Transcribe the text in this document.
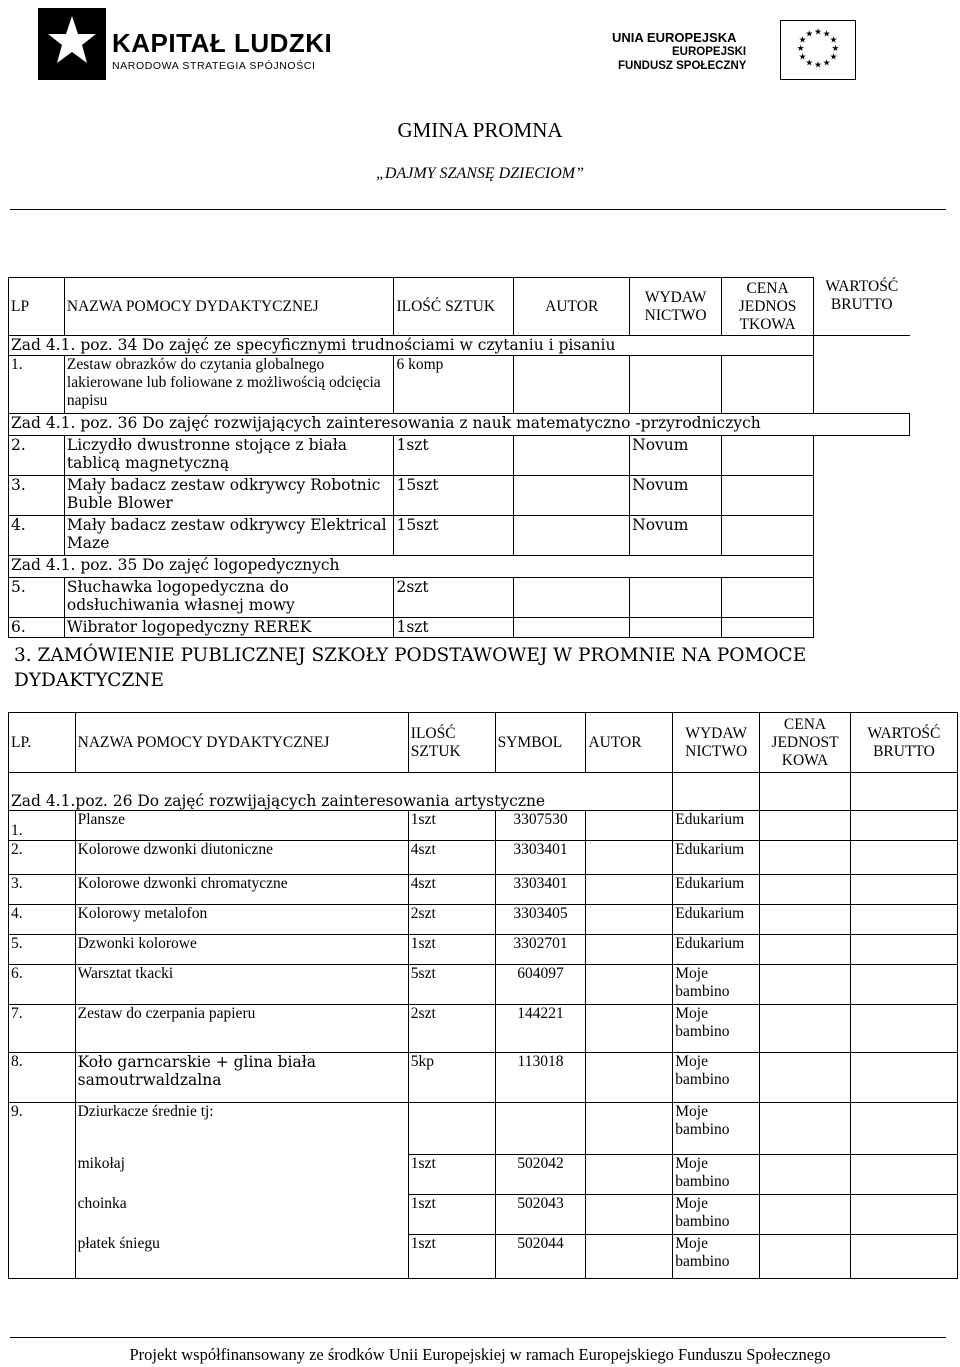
KAPITAŁ LUDZKI
NARODOWA STRATEGIA SPÓJNOŚCI
UNIA EUROPEJSKA
EUROPEJSKI
FUNDUSZ SPOŁECZNY
★ ★
★
★
★
★
★
★
★
★
★
★
GMINA PROMNA
„DAJMY SZANSĘ DZIECIOM”
LP	NAZWA POMOCY DYDAKTYCZNEJ	ILOŚĆ SZTUK	AUTOR	WYDAW NICTWO	CENA JEDNOS TKOWA	WARTOŚĆ BRUTTO
Zad 4.1. poz. 34 Do zajęć ze specyficznymi trudnościami w czytaniu i pisaniu						
1.	Zestaw obrazków do czytania globalnego lakierowane lub foliowane z możliwością odcięcia napisu	6 komp				
Zad 4.1. poz. 36 Do zajęć rozwijających zainteresowania z nauk matematyczno -przyrodniczych						
2.	Liczydło dwustronne stojące z biała tablicą magnetyczną	1szt		Novum		
3.	Mały badacz zestaw odkrywcy Robotnic Buble Blower	15szt		Novum		
4.	Mały badacz zestaw odkrywcy Elektrical Maze	15szt		Novum		
Zad 4.1. poz. 35 Do zajęć logopedycznych						
5.	Słuchawka logopedyczna do odsłuchiwania własnej mowy	2szt				
6.	Wibrator logopedyczny REREK	1szt				
3. ZAMÓWIENIE PUBLICZNEJ SZKOŁY PODSTAWOWEJ W PROMNIE NA POMOCE DYDAKTYCZNE
LP.	NAZWA POMOCY DYDAKTYCZNEJ	ILOŚĆ SZTUK	SYMBOL	AUTOR	WYDAW NICTWO	CENA JEDNOST KOWA	WARTOŚĆ BRUTTO
Zad 4.1.poz. 26 Do zajęć rozwijających zainteresowania artystyczne							
1.	Plansze	1szt	3307530		Edukarium		
2.	Kolorowe dzwonki diutoniczne	4szt	3303401		Edukarium		
3.	Kolorowe dzwonki chromatyczne	4szt	3303401		Edukarium		
4.	Kolorowy metalofon	2szt	3303405		Edukarium		
5.	Dzwonki kolorowe	1szt	3302701		Edukarium		
6.	Warsztat tkacki	5szt	604097		Moje bambino		
7.	Zestaw do czerpania papieru	2szt	144221		Moje bambino		
8.	Koło garncarskie + glina biała samoutrwaldzalna	5kp	113018		Moje bambino		
9.	Dziurkacze średnie tj:				Moje bambino		
	mikołaj	1szt	502042		Moje bambino		
	choinka	1szt	502043		Moje bambino		
	płatek śniegu	1szt	502044		Moje bambino		
Projekt współfinansowany ze środków Unii Europejskiej w ramach Europejskiego Funduszu Społecznego
